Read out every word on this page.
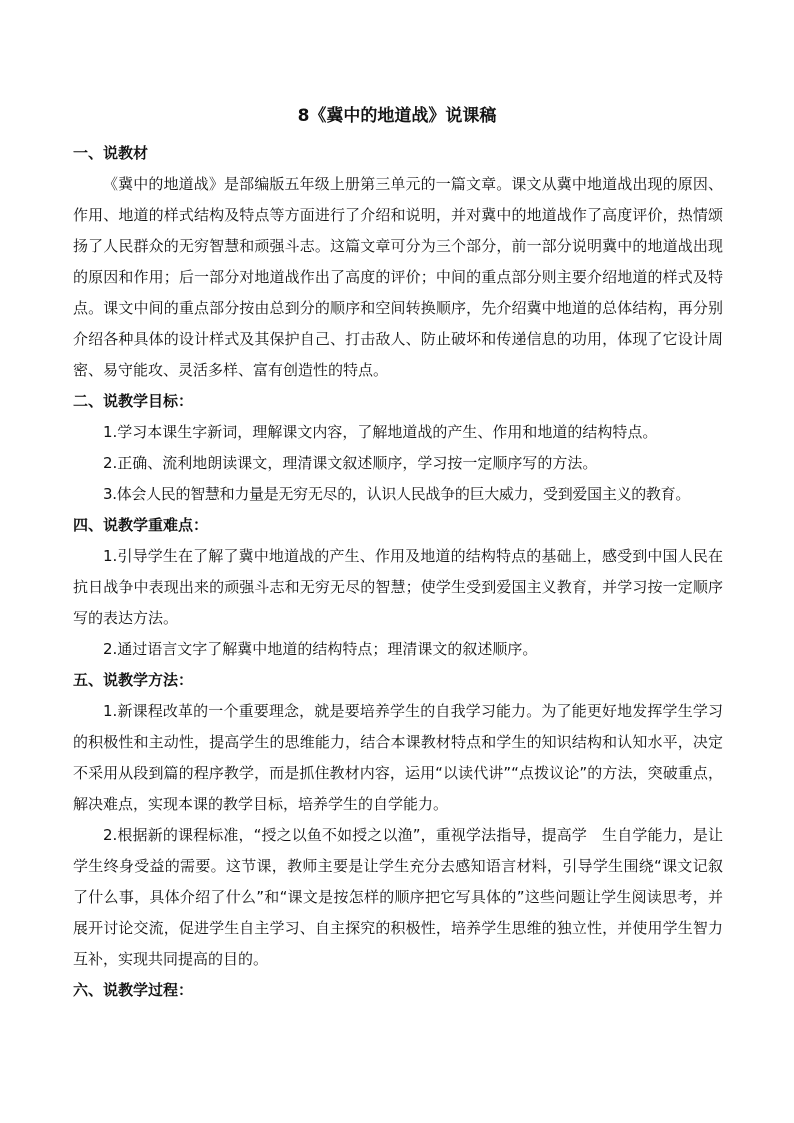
8《冀中的地道战》说课稿

一、说教材

《冀中的地道战》是部编版五年级上册第三单元的一篇文章。课文从冀中地道战出现的原因、作用、地道的样式结构及特点等方面进行了介绍和说明，并对冀中的地道战作了高度评价，热情颂扬了人民群众的无穷智慧和顽强斗志。这篇文章可分为三个部分，前一部分说明冀中的地道战出现的原因和作用；后一部分对地道战作出了高度的评价；中间的重点部分则主要介绍地道的样式及特点。课文中间的重点部分按由总到分的顺序和空间转换顺序，先介绍冀中地道的总体结构，再分别介绍各种具体的设计样式及其保护自己、打击敌人、防止破坏和传递信息的功用，体现了它设计周密、易守能攻、灵活多样、富有创造性的特点。

二、说教学目标：

1.学习本课生字新词，理解课文内容，了解地道战的产生、作用和地道的结构特点。

2.正确、流利地朗读课文，理清课文叙述顺序，学习按一定顺序写的方法。

3.体会人民的智慧和力量是无穷无尽的，认识人民战争的巨大威力，受到爱国主义的教育。

四、说教学重难点：

1.引导学生在了解了冀中地道战的产生、作用及地道的结构特点的基础上，感受到中国人民在抗日战争中表现出来的顽强斗志和无穷无尽的智慧；使学生受到爱国主义教育，并学习按一定顺序写的表达方法。

2.通过语言文字了解冀中地道的结构特点；理清课文的叙述顺序。

五、说教学方法：

1.新课程改革的一个重要理念，就是要培养学生的自我学习能力。为了能更好地发挥学生学习的积极性和主动性，提高学生的思维能力，结合本课教材特点和学生的知识结构和认知水平，决定不采用从段到篇的程序教学，而是抓住教材内容，运用“以读代讲”“点拨议论”的方法，突破重点，解决难点，实现本课的教学目标，培养学生的自学能力。

2.根据新的课程标准，“授之以鱼不如授之以渔”，重视学法指导，提高学　生自学能力，是让学生终身受益的需要。这节课，教师主要是让学生充分去感知语言材料，引导学生围绕“课文记叙了什么事，具体介绍了什么”和“课文是按怎样的顺序把它写具体的”这些问题让学生阅读思考，并展开讨论交流，促进学生自主学习、自主探究的积极性，培养学生思维的独立性，并使用学生智力互补，实现共同提高的目的。

六、说教学过程：
